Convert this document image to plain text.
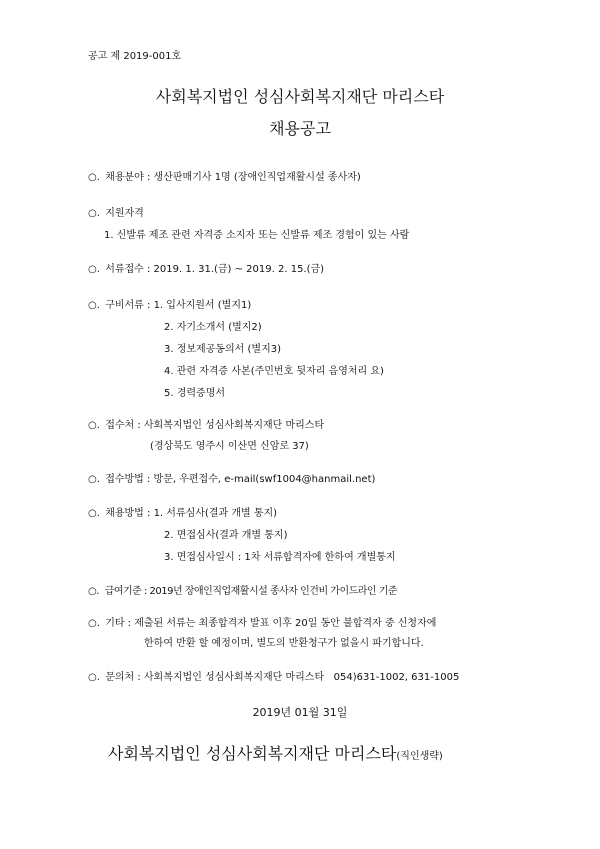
공고 제 2019-001호
사회복지법인 성심사회복지재단 마리스타
채용공고
○. 채용분야 : 생산판매기사 1명 (장애인직업재활시설 종사자)
○. 지원자격
1. 신발류 제조 관련 자격증 소지자 또는 신발류 제조 경험이 있는 사람
○. 서류접수 : 2019. 1. 31.(금) ~ 2019. 2. 15.(금)
○. 구비서류 : 1. 입사지원서 (별지1)
2. 자기소개서 (별지2)
3. 정보제공동의서 (별지3)
4. 관련 자격증 사본(주민번호 뒷자리 음영처리 요)
5. 경력증명서
○. 접수처 : 사회복지법인 성심사회복지재단 마리스타
(경상북도 영주시 이산면 신암로 37)
○. 접수방법 : 방문, 우편접수, e-mail(swf1004@hanmail.net)
○. 채용방법 : 1. 서류심사(결과 개별 통지)
2. 면접심사(결과 개별 통지)
3. 면접심사일시 : 1차 서류합격자에 한하여 개별통지
○. 급여기준 : 2019년 장애인직업재활시설 종사자 인건비 가이드라인 기준
○. 기타 : 제출된 서류는 최종합격자 발표 이후 20일 동안 불합격자 중 신청자에
한하여 반환 할 예정이며, 별도의 반환청구가 없을시 파기합니다.
○. 문의처 : 사회복지법인 성심사회복지재단 마리스타   054)631-1002, 631-1005
2019년 01월 31일
사회복지법인 성심사회복지재단 마리스타(직인생략)
